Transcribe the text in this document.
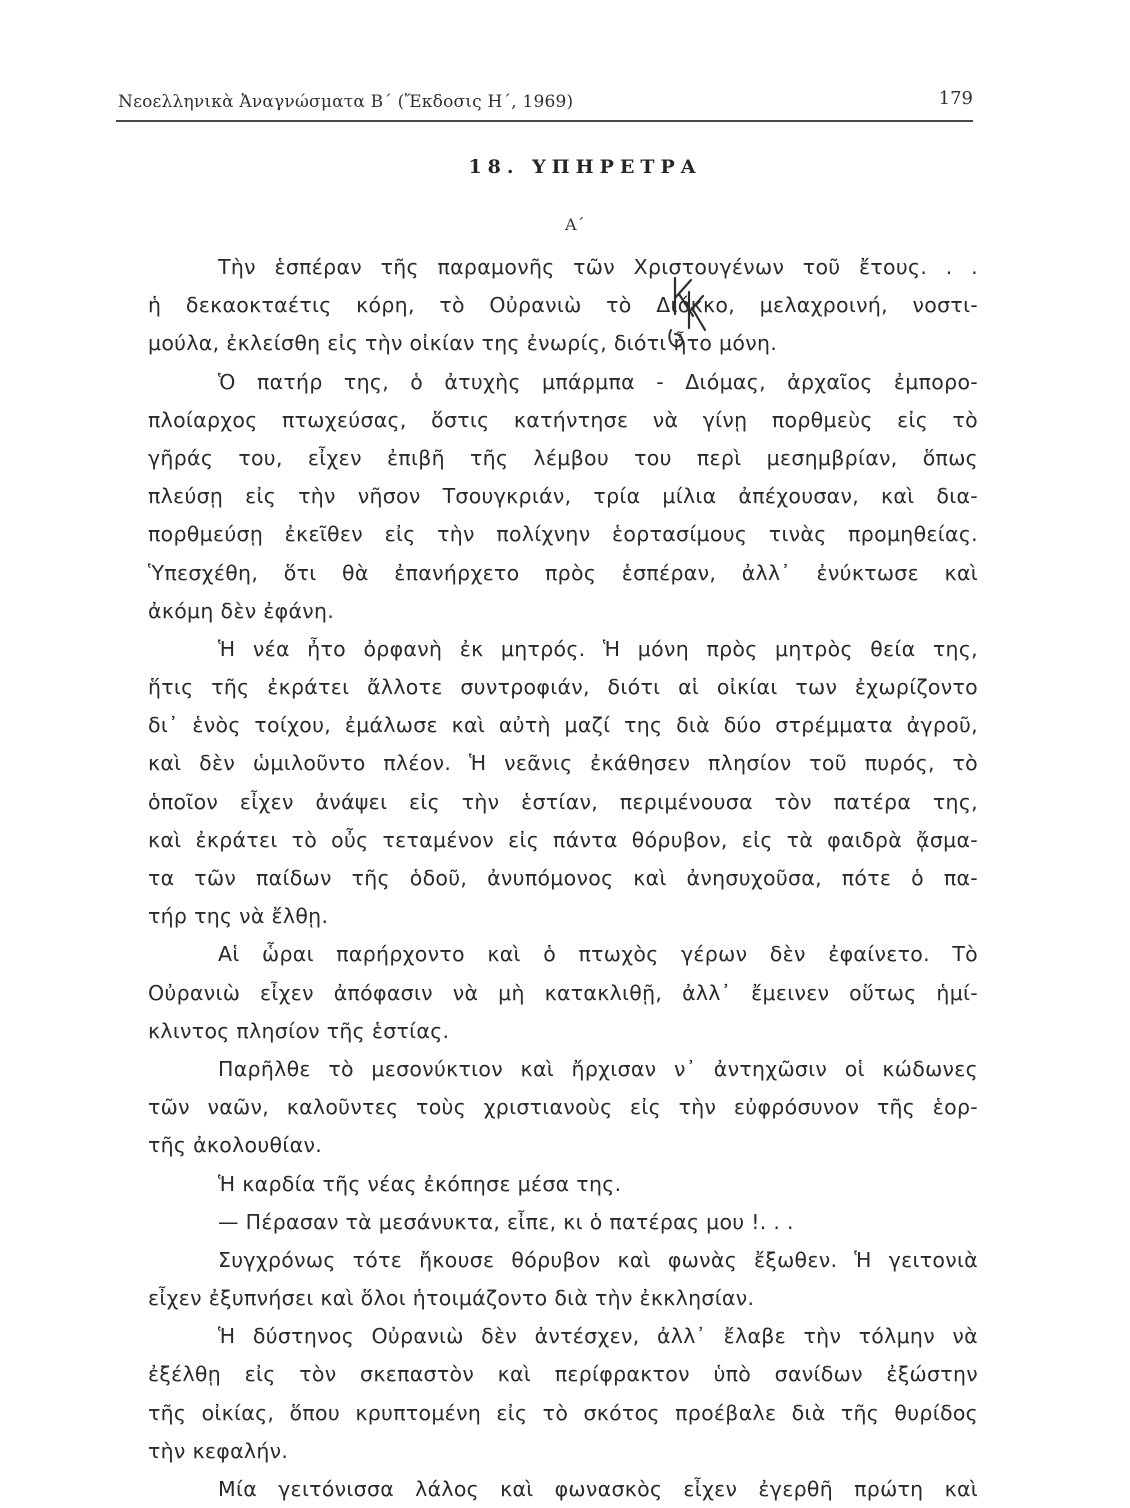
Νεοελληνικὰ Ἀναγνώσματα Β΄ (Ἔκδοσις Η΄, 1969)	179
18. ΥΠΗΡΕΤΡΑ
Α΄
Τὴν ἑσπέραν τῆς παραμονῆς τῶν Χριστουγένων τοῦ ἔτους. . .
ἡ δεκαοκταέτις κόρη, τὸ Οὐρανιὼ τὸ Διόκκο, μελαχροινή, νοστι-
μούλα, ἐκλείσθη εἰς τὴν οἰκίαν της ἐνωρίς, διότι ἦτο μόνη.
Ὁ πατήρ της, ὁ ἀτυχὴς μπάρμπα - Διόμας, ἀρχαῖος ἐμπορο-
πλοίαρχος πτωχεύσας, ὅστις κατήντησε νὰ γίνῃ πορθμεὺς εἰς τὸ
γῆράς του, εἶχεν ἐπιβῆ τῆς λέμβου του περὶ μεσημβρίαν, ὅπως
πλεύσῃ εἰς τὴν νῆσον Τσουγκριάν, τρία μίλια ἀπέχουσαν, καὶ δια-
πορθμεύσῃ ἐκεῖθεν εἰς τὴν πολίχνην ἑορτασίμους τινὰς προμηθείας.
Ὑπεσχέθη, ὅτι θὰ ἐπανήρχετο πρὸς ἑσπέραν, ἀλλ᾿ ἐνύκτωσε καὶ
ἀκόμη δὲν ἐφάνη.
Ἡ νέα ἦτο ὀρφανὴ ἐκ μητρός. Ἡ μόνη πρὸς μητρὸς θεία της,
ἥτις τῆς ἐκράτει ἄλλοτε συντροφιάν, διότι αἱ οἰκίαι των ἐχωρίζοντο
δι᾿ ἑνὸς τοίχου, ἐμάλωσε καὶ αὐτὴ μαζί της διὰ δύο στρέμματα ἀγροῦ,
καὶ δὲν ὡμιλοῦντο πλέον. Ἡ νεᾶνις ἐκάθησεν πλησίον τοῦ πυρός, τὸ
ὁποῖον εἶχεν ἀνάψει εἰς τὴν ἑστίαν, περιμένουσα τὸν πατέρα της,
καὶ ἐκράτει τὸ οὖς τεταμένον εἰς πάντα θόρυβον, εἰς τὰ φαιδρὰ ᾄσμα-
τα τῶν παίδων τῆς ὁδοῦ, ἀνυπόμονος καὶ ἀνησυχοῦσα, πότε ὁ πα-
τήρ της νὰ ἔλθῃ.
Αἱ ὧραι παρήρχοντο καὶ ὁ πτωχὸς γέρων δὲν ἐφαίνετο. Τὸ
Οὐρανιὼ εἶχεν ἀπόφασιν νὰ μὴ κατακλιθῇ, ἀλλ᾿ ἔμεινεν οὕτως ἡμί-
κλιντος πλησίον τῆς ἑστίας.
Παρῆλθε τὸ μεσονύκτιον καὶ ἤρχισαν ν᾿ ἀντηχῶσιν οἱ κώδωνες
τῶν ναῶν, καλοῦντες τοὺς χριστιανοὺς εἰς τὴν εὐφρόσυνον τῆς ἑορ-
τῆς ἀκολουθίαν.
Ἡ καρδία τῆς νέας ἐκόπησε μέσα της.
— Πέρασαν τὰ μεσάνυκτα, εἶπε, κι ὁ πατέρας μου !. . .
Συγχρόνως τότε ἤκουσε θόρυβον καὶ φωνὰς ἔξωθεν. Ἡ γειτονιὰ
εἶχεν ἐξυπνήσει καὶ ὅλοι ἡτοιμάζοντο διὰ τὴν ἐκκλησίαν.
Ἡ δύστηνος Οὐρανιὼ δὲν ἀντέσχεν, ἀλλ᾿ ἔλαβε τὴν τόλμην νὰ
ἐξέλθῃ εἰς τὸν σκεπαστὸν καὶ περίφρακτον ὑπὸ σανίδων ἐξώστην
τῆς οἰκίας, ὅπου κρυπτομένη εἰς τὸ σκότος προέβαλε διὰ τῆς θυρίδος
τὴν κεφαλήν.
Μία γειτόνισσα λάλος καὶ φωνασκὸς εἶχεν ἐγερθῆ πρώτη καὶ
